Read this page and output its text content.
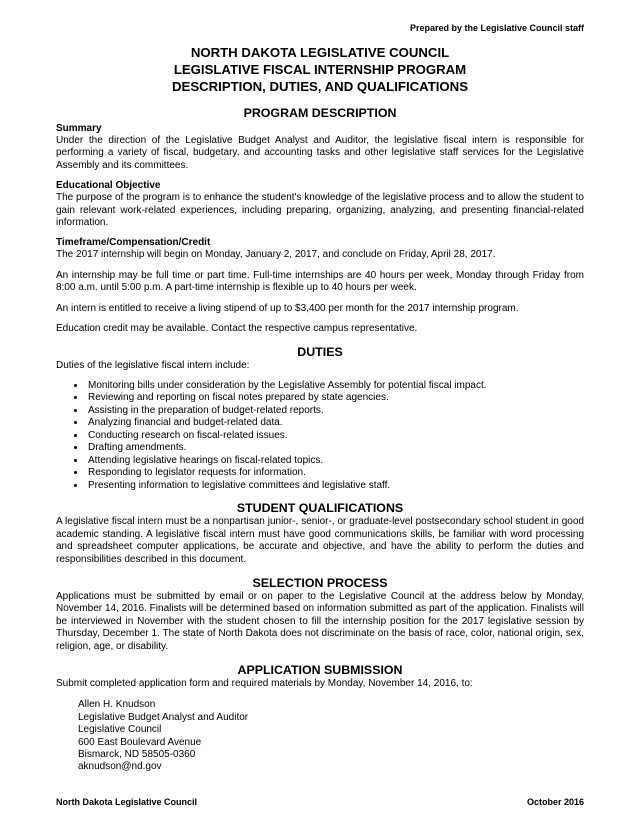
Prepared by the Legislative Council staff
NORTH DAKOTA LEGISLATIVE COUNCIL
LEGISLATIVE FISCAL INTERNSHIP PROGRAM
DESCRIPTION, DUTIES, AND QUALIFICATIONS
PROGRAM DESCRIPTION
Summary

Under the direction of the Legislative Budget Analyst and Auditor, the legislative fiscal intern is responsible for performing a variety of fiscal, budgetary, and accounting tasks and other legislative staff services for the Legislative Assembly and its committees.

Educational Objective

The purpose of the program is to enhance the student's knowledge of the legislative process and to allow the student to gain relevant work-related experiences, including preparing, organizing, analyzing, and presenting financial-related information.

Timeframe/Compensation/Credit

The 2017 internship will begin on Monday, January 2, 2017, and conclude on Friday, April 28, 2017.

An internship may be full time or part time. Full-time internships are 40 hours per week, Monday through Friday from 8:00 a.m. until 5:00 p.m. A part-time internship is flexible up to 40 hours per week.

An intern is entitled to receive a living stipend of up to $3,400 per month for the 2017 internship program.

Education credit may be available. Contact the respective campus representative.

DUTIES

Duties of the legislative fiscal intern include:

• Monitoring bills under consideration by the Legislative Assembly for potential fiscal impact.
• Reviewing and reporting on fiscal notes prepared by state agencies.
• Assisting in the preparation of budget-related reports.
• Analyzing financial and budget-related data.
• Conducting research on fiscal-related issues.
• Drafting amendments.
• Attending legislative hearings on fiscal-related topics.
• Responding to legislator requests for information.
• Presenting information to legislative committees and legislative staff.
STUDENT QUALIFICATIONS

A legislative fiscal intern must be a nonpartisan junior-, senior-, or graduate-level postsecondary school student in good academic standing. A legislative fiscal intern must have good communications skills, be familiar with word processing and spreadsheet computer applications, be accurate and objective, and have the ability to perform the duties and responsibilities described in this document.

SELECTION PROCESS

Applications must be submitted by email or on paper to the Legislative Council at the address below by Monday, November 14, 2016. Finalists will be determined based on information submitted as part of the application. Finalists will be interviewed in November with the student chosen to fill the internship position for the 2017 legislative session by Thursday, December 1. The state of North Dakota does not discriminate on the basis of race, color, national origin, sex, religion, age, or disability.

APPLICATION SUBMISSION

Submit completed application form and required materials by Monday, November 14, 2016, to:

Allen H. Knudson
Legislative Budget Analyst and Auditor
Legislative Council
600 East Boulevard Avenue
Bismarck, ND 58505-0360
aknudson@nd.gov
North Dakota Legislative Council	October 2016
